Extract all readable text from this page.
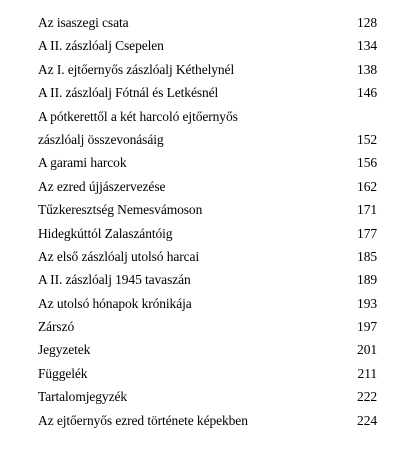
Az isaszegi csata	128
A II. zászlóalj Csepelen	134
Az I. ejtőernyős zászlóalj Kéthelynél	138
A II. zászlóalj Fótnál és Letkésnél	146
A pótkerettől a két harcoló ejtőernyős
zászlóalj összevonásáig	152
A garami harcok	156
Az ezred újjászervezése	162
Tűzkeresztség Nemesvámoson	171
Hidegkúttól Zalaszántóig	177
Az első zászlóalj utolsó harcai	185
A II. zászlóalj 1945 tavaszán	189
Az utolsó hónapok krónikája	193
Zárszó	197
Jegyzetek	201
Függelék	211
Tartalomjegyzék	222
Az ejtőernyős ezred története képekben	224
